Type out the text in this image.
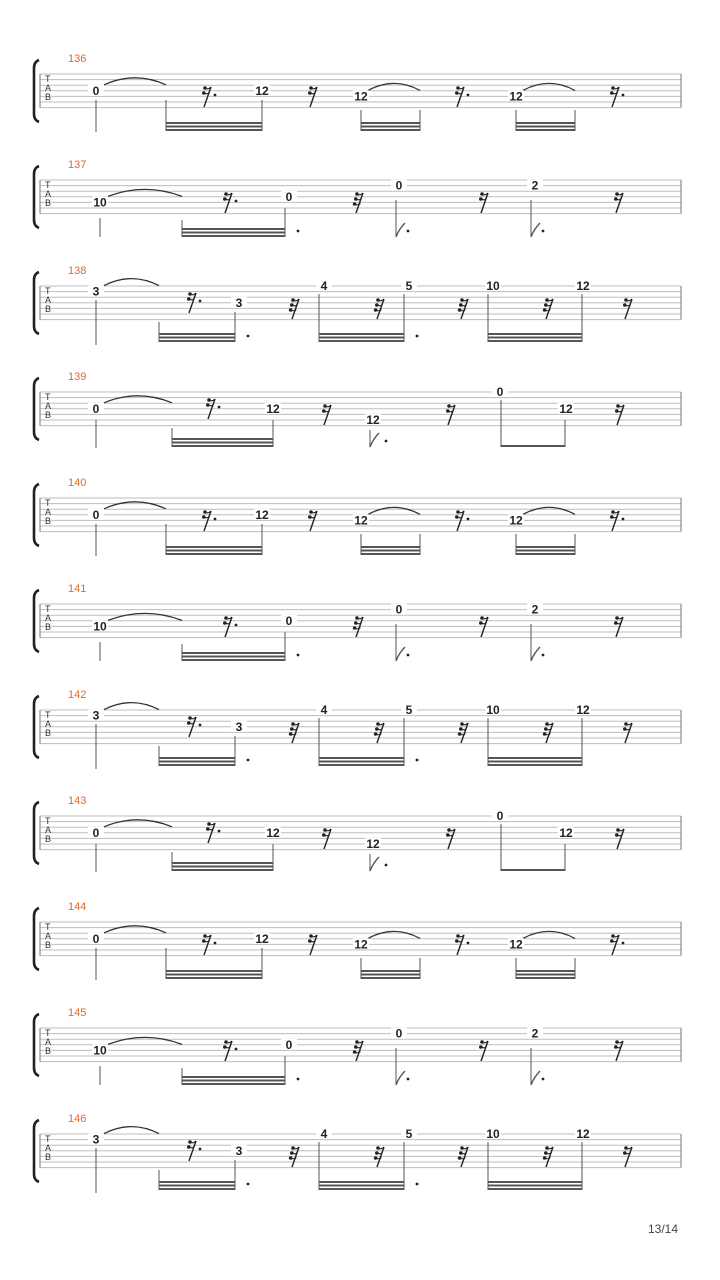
136
T
A
B	0	12	12	12
137
T
A
B	10	0
0	2
138
T
A
B
3
3
4	5	10	12
139
T
A
B	0	12
12
0
12
140
T
A
B	0	12	12	12
141
T
A
B	10	0
0	2
142
T
A
B
3
3
4	5	10	12
143
T
A
B	0	12
12
0
12
144
T
A
B	0	12	12	12
145
T
A
B	10	0
0	2
146
T
A
B
3
3
4	5	10	12
13/14
